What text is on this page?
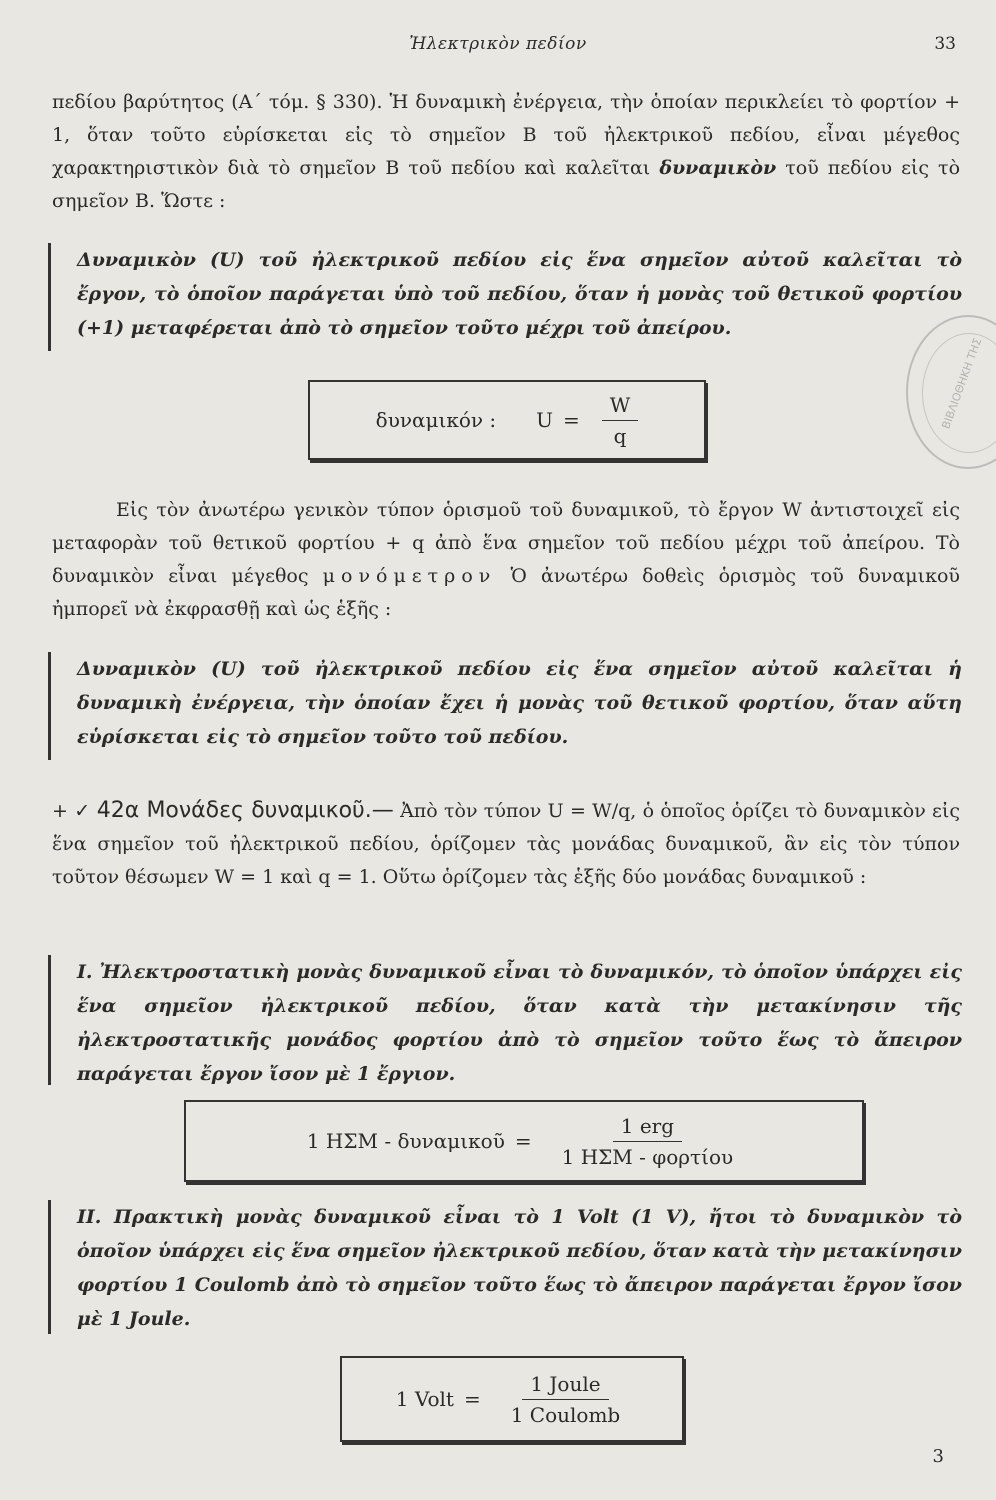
Ἠλεκτρικὸν πεδίον	33
πεδίου βαρύτητος (Α΄ τόμ. § 330). Ἡ δυναμικὴ ἐνέργεια, τὴν ὁποίαν περικλείει τὸ φορτίον + 1, ὅταν τοῦτο εὑρίσκεται εἰς τὸ σημεῖον Β τοῦ ἠλεκτρικοῦ πεδίου, εἶναι μέγεθος χαρακτηριστικὸν διὰ τὸ σημεῖον Β τοῦ πεδίου καὶ καλεῖται δυναμικὸν τοῦ πεδίου εἰς τὸ σημεῖον Β. Ὥστε :
Δυναμικὸν (U) τοῦ ἠλεκτρικοῦ πεδίου εἰς ἕνα σημεῖον αὐτοῦ καλεῖται τὸ ἔργον, τὸ ὁποῖον παράγεται ὑπὸ τοῦ πεδίου, ὅταν ἡ μονὰς τοῦ θετικοῦ φορτίου (+1) μεταφέρεται ἀπὸ τὸ σημεῖον τοῦτο μέχρι τοῦ ἀπείρου.
δυναμικόν : $U = \frac{W}{q}$	ΒΙΒΛΙΟΘΗΚΗ ΤΗΣ
Εἰς τὸν ἀνωτέρω γενικὸν τύπον ὁρισμοῦ τοῦ δυναμικοῦ, τὸ ἔργον W ἀντιστοιχεῖ εἰς μεταφορὰν τοῦ θετικοῦ φορτίου + q ἀπὸ ἕνα σημεῖον τοῦ πεδίου μέχρι τοῦ ἀπείρου. Τὸ δυναμικὸν εἶναι μέγεθος μονόμετρον Ὁ ἀνωτέρω δοθεὶς ὁρισμὸς τοῦ δυναμικοῦ ἠμπορεῖ νὰ ἐκφρασθῇ καὶ ὡς ἑξῆς :
Δυναμικὸν (U) τοῦ ἠλεκτρικοῦ πεδίου εἰς ἕνα σημεῖον αὐτοῦ καλεῖται ἡ δυναμικὴ ἐνέργεια, τὴν ὁποίαν ἔχει ἡ μονὰς τοῦ θετικοῦ φορτίου, ὅταν αὕτη εὑρίσκεται εἰς τὸ σημεῖον τοῦτο τοῦ πεδίου.
+ ✓ 42α Μονάδες δυναμικοῦ.— Ἀπὸ τὸν τύπον U = W/q, ὁ ὁποῖος ὁρίζει τὸ δυναμικὸν εἰς ἕνα σημεῖον τοῦ ἠλεκτρικοῦ πεδίου, ὁρίζομεν τὰς μονάδας δυναμικοῦ, ἂν εἰς τὸν τύπον τοῦτον θέσωμεν W = 1 καὶ q = 1. Οὕτω ὁρίζομεν τὰς ἑξῆς δύο μονάδας δυναμικοῦ :
I. Ἠλεκτροστατικὴ μονὰς δυναμικοῦ εἶναι τὸ δυναμικόν, τὸ ὁποῖον ὑπάρχει εἰς ἕνα σημεῖον ἠλεκτρικοῦ πεδίου, ὅταν κατὰ τὴν μετακίνησιν τῆς ἠλεκτροστατικῆς μονάδος φορτίου ἀπὸ τὸ σημεῖον τοῦτο ἕως τὸ ἄπειρον παράγεται ἔργον ἴσον μὲ 1 ἔργιον.
1 ΗΣΜ - δυναμικοῦ = $\frac{\text{1 erg}}{\text{1 ΗΣΜ - φορτίου}}$
II. Πρακτικὴ μονὰς δυναμικοῦ εἶναι τὸ 1 Volt (1 V), ἤτοι τὸ δυναμικὸν τὸ ὁποῖον ὑπάρχει εἰς ἕνα σημεῖον ἠλεκτρικοῦ πεδίου, ὅταν κατὰ τὴν μετακίνησιν φορτίου 1 Coulomb ἀπὸ τὸ σημεῖον τοῦτο ἕως τὸ ἄπειρον παράγεται ἔργον ἴσον μὲ 1 Joule.
1 Volt = $\frac{\text{1 Joule}}{\text{1 Coulomb}}$
3
